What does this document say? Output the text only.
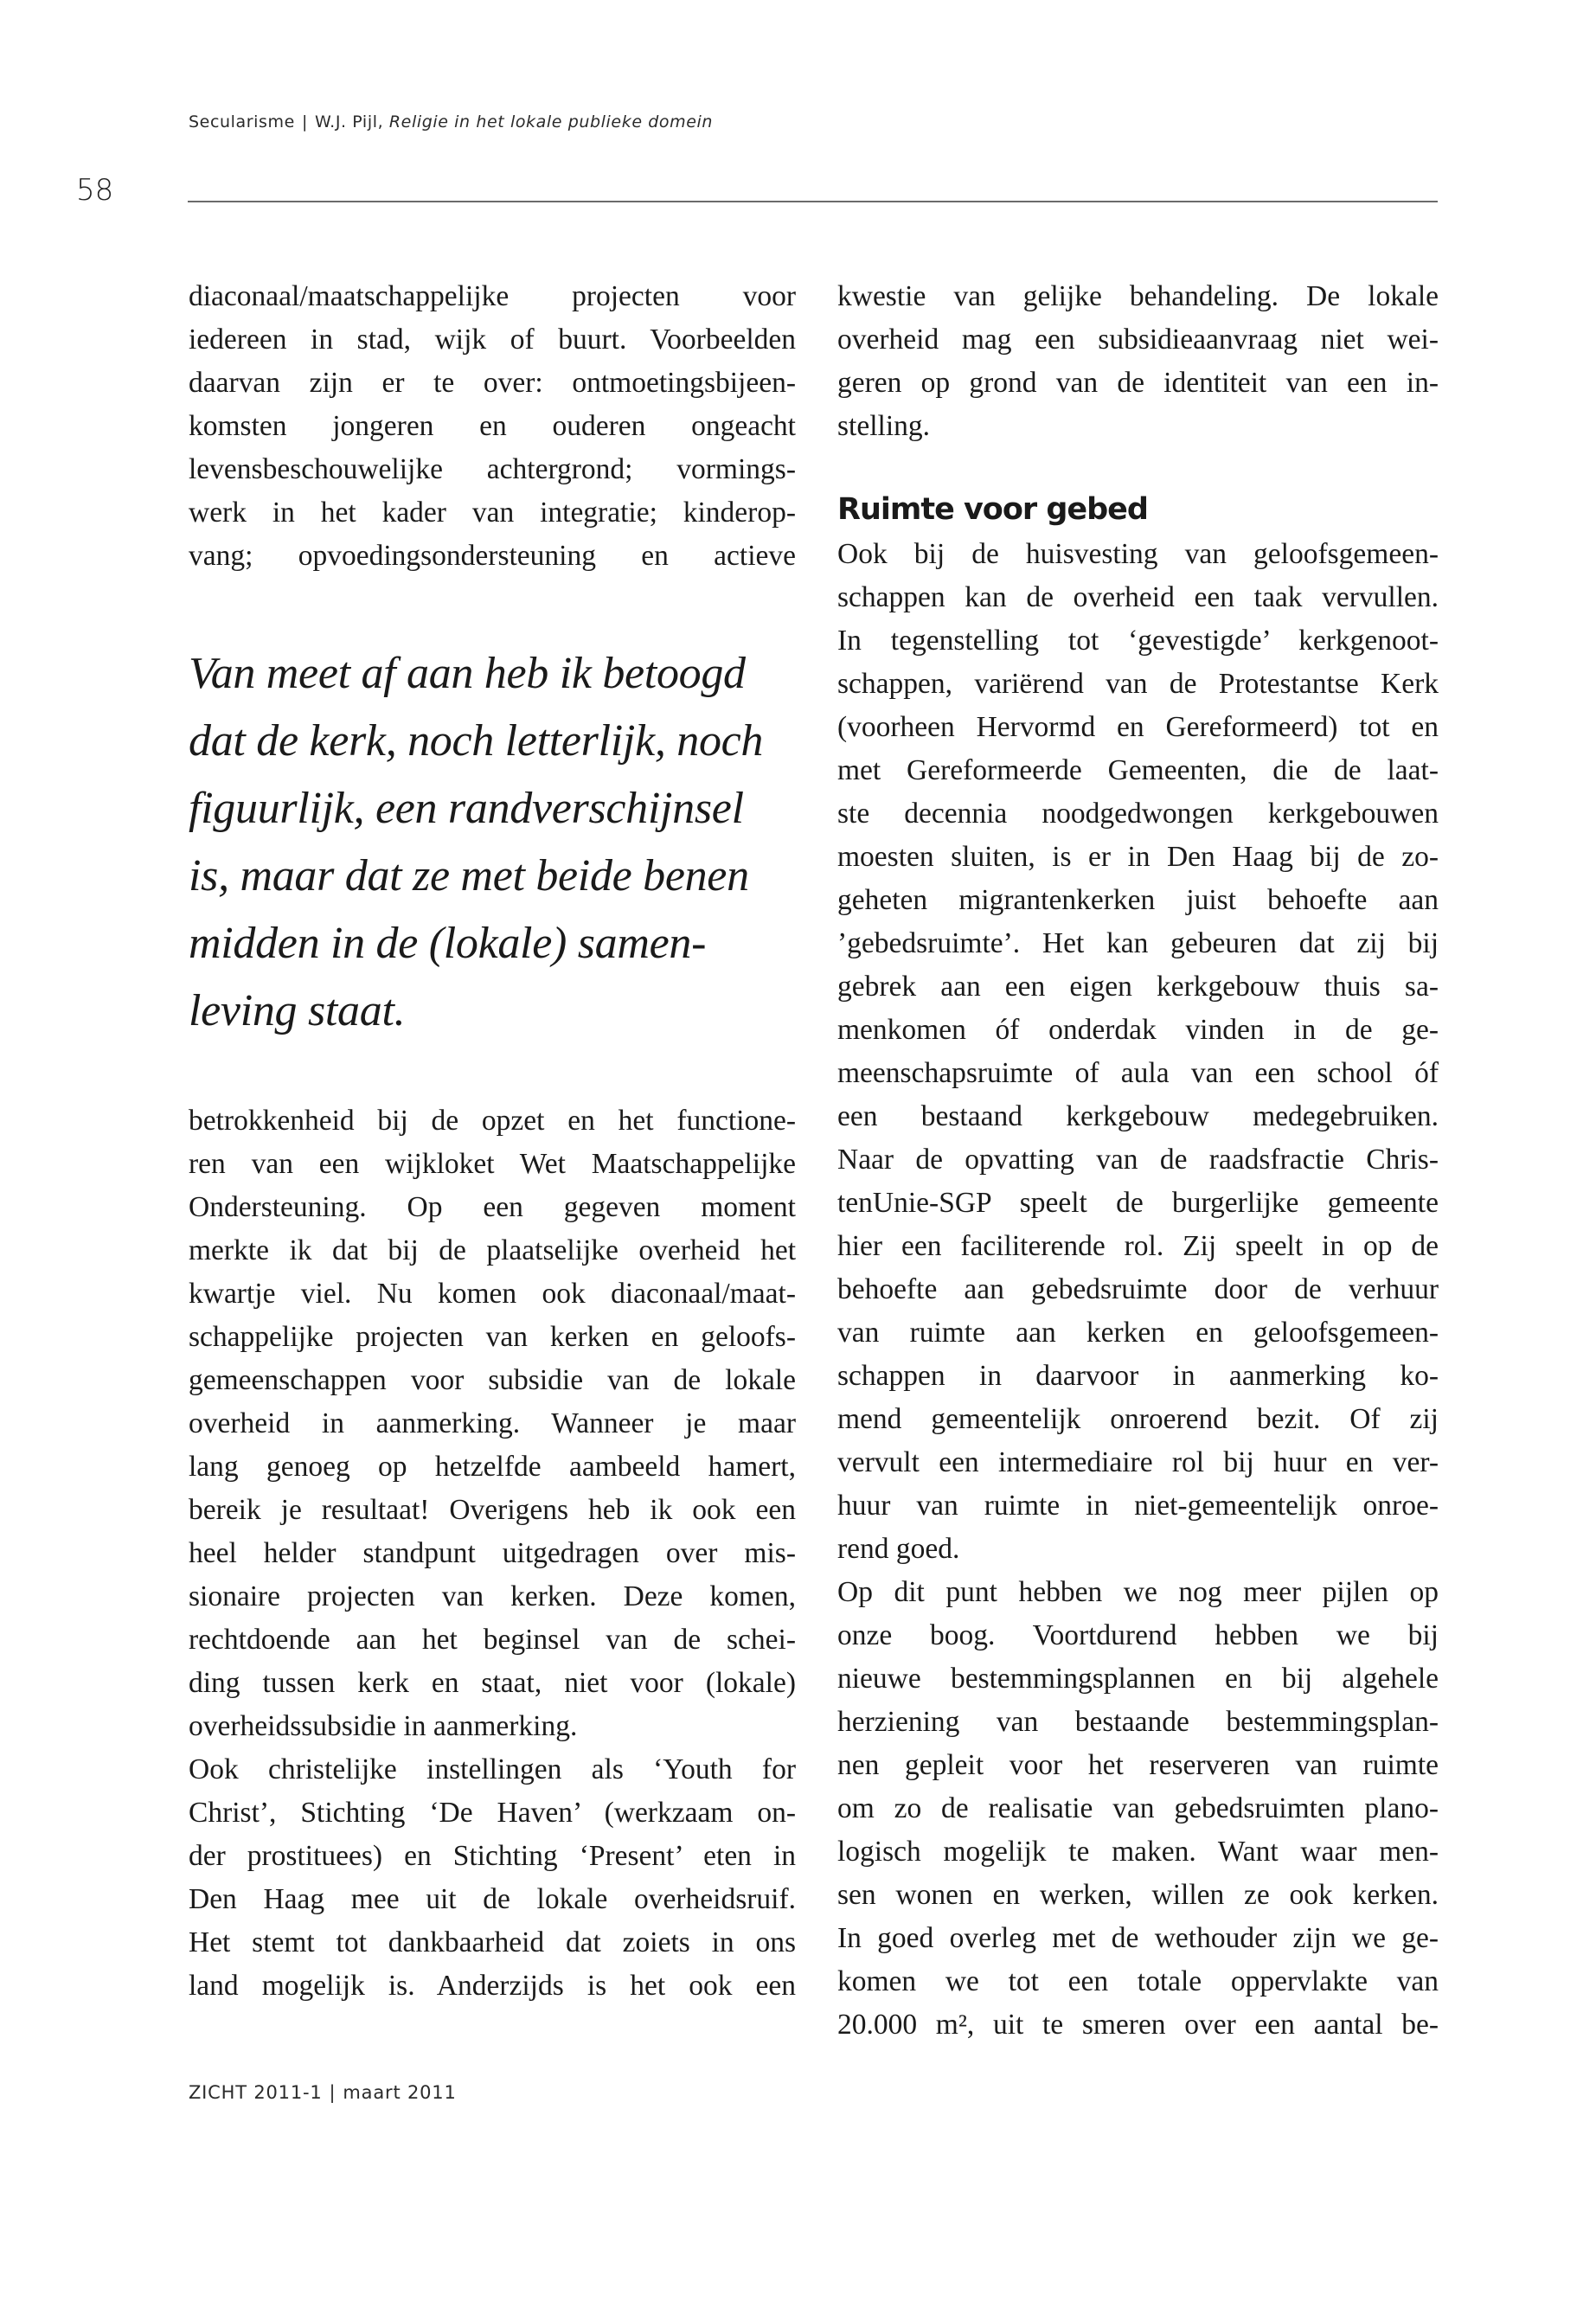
Secularisme | W.J. Pijl, Religie in het lokale publieke domein
58
diaconaal/maatschappelijke projecten voor
iedereen in stad, wijk of buurt. Voorbeelden
daarvan zijn er te over: ontmoetingsbijeen-
komsten jongeren en ouderen ongeacht
levensbeschouwelijke achtergrond; vormings-
werk in het kader van integratie; kinderop-
vang; opvoedingsondersteuning en actieve
Van meet af aan heb ik betoogd
dat de kerk, noch letterlijk, noch
figuurlijk, een randverschijnsel
is, maar dat ze met beide benen
midden in de (lokale) samen-
leving staat.
betrokkenheid bij de opzet en het functione-
ren van een wijkloket Wet Maatschappelijke
Ondersteuning. Op een gegeven moment
merkte ik dat bij de plaatselijke overheid het
kwartje viel. Nu komen ook diaconaal/maat-
schappelijke projecten van kerken en geloofs-
gemeenschappen voor subsidie van de lokale
overheid in aanmerking. Wanneer je maar
lang genoeg op hetzelfde aambeeld hamert,
bereik je resultaat! Overigens heb ik ook een
heel helder standpunt uitgedragen over mis-
sionaire projecten van kerken. Deze komen,
rechtdoende aan het beginsel van de schei-
ding tussen kerk en staat, niet voor (lokale)
overheidssubsidie in aanmerking.
Ook christelijke instellingen als ‘Youth for
Christ’, Stichting ‘De Haven’ (werkzaam on-
der prostituees) en Stichting ‘Present’ eten in
Den Haag mee uit de lokale overheidsruif.
Het stemt tot dankbaarheid dat zoiets in ons
land mogelijk is. Anderzijds is het ook een
kwestie van gelijke behandeling. De lokale
overheid mag een subsidieaanvraag niet wei-
geren op grond van de identiteit van een in-
stelling.
Ruimte voor gebed
Ook bij de huisvesting van geloofsgemeen-
schappen kan de overheid een taak vervullen.
In tegenstelling tot ‘gevestigde’ kerkgenoot-
schappen, variërend van de Protestantse Kerk
(voorheen Hervormd en Gereformeerd) tot en
met Gereformeerde Gemeenten, die de laat-
ste decennia noodgedwongen kerkgebouwen
moesten sluiten, is er in Den Haag bij de zo-
geheten migrantenkerken juist behoefte aan
’gebedsruimte’. Het kan gebeuren dat zij bij
gebrek aan een eigen kerkgebouw thuis sa-
menkomen óf onderdak vinden in de ge-
meenschapsruimte of aula van een school óf
een bestaand kerkgebouw medegebruiken.
Naar de opvatting van de raadsfractie Chris-
tenUnie-SGP speelt de burgerlijke gemeente
hier een faciliterende rol. Zij speelt in op de
behoefte aan gebedsruimte door de verhuur
van ruimte aan kerken en geloofsgemeen-
schappen in daarvoor in aanmerking ko-
mend gemeentelijk onroerend bezit. Of zij
vervult een intermediaire rol bij huur en ver-
huur van ruimte in niet-gemeentelijk onroe-
rend goed.
Op dit punt hebben we nog meer pijlen op
onze boog. Voortdurend hebben we bij
nieuwe bestemmingsplannen en bij algehele
herziening van bestaande bestemmingsplan-
nen gepleit voor het reserveren van ruimte
om zo de realisatie van gebedsruimten plano-
logisch mogelijk te maken. Want waar men-
sen wonen en werken, willen ze ook kerken.
In goed overleg met de wethouder zijn we ge-
komen we tot een totale oppervlakte van
20.000 m², uit te smeren over een aantal be-
ZICHT 2011-1 | maart 2011
